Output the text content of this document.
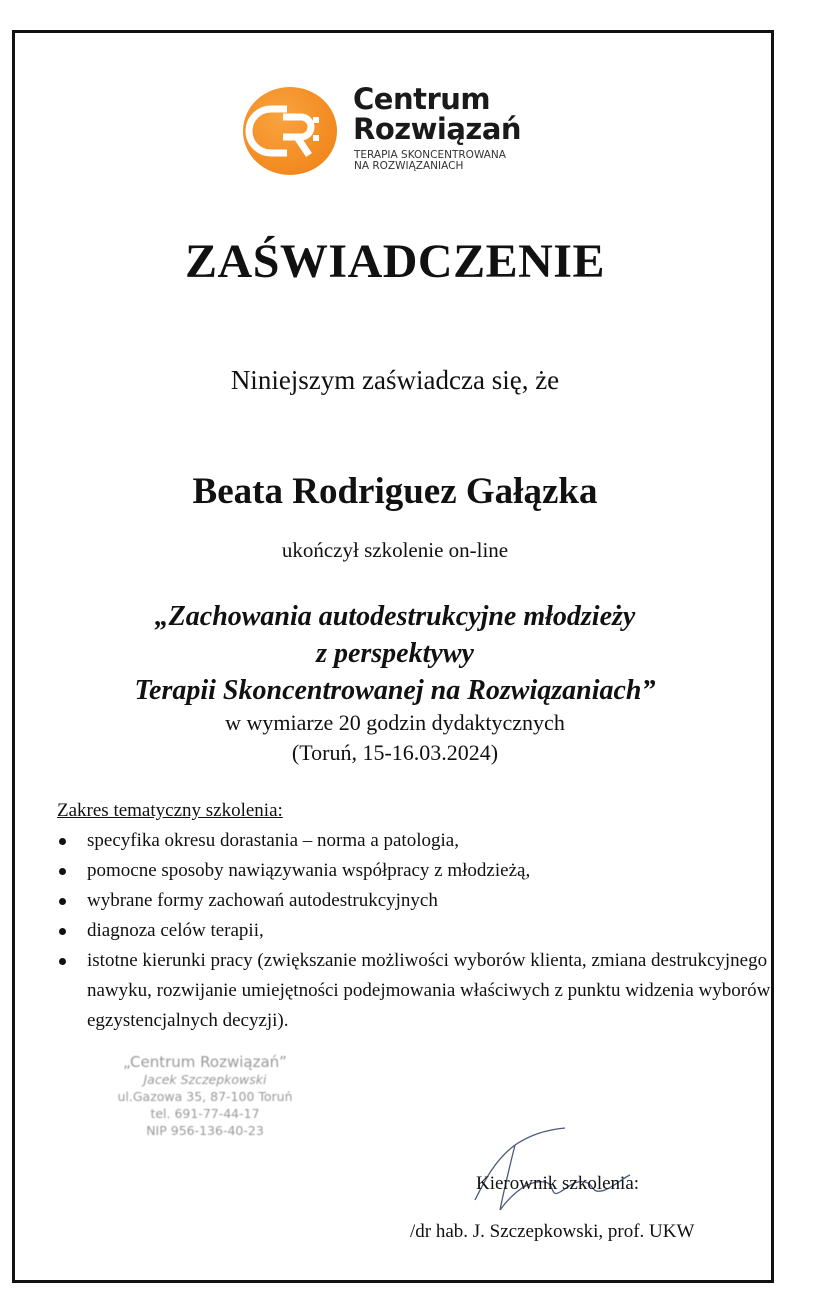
Centrum
Rozwiązań
TERAPIA SKONCENTROWANA
NA ROZWIĄZANIACH
ZAŚWIADCZENIE
Niniejszym zaświadcza się, że
Beata Rodriguez Gałązka
ukończył szkolenie on-line
„Zachowania autodestrukcyjne młodzieży
z perspektywy
Terapii Skoncentrowanej na Rozwiązaniach”
w wymiarze 20 godzin dydaktycznych
(Toruń, 15-16.03.2024)
Zakres tematyczny szkolenia:
specyfika okresu dorastania – norma a patologia,
pomocne sposoby nawiązywania współpracy z młodzieżą,
wybrane formy zachowań autodestrukcyjnych
diagnoza celów terapii,
istotne kierunki pracy (zwiększanie możliwości wyborów klienta, zmiana destrukcyjnego nawyku, rozwijanie umiejętności podejmowania właściwych z punktu widzenia wyborów egzystencjalnych decyzji).
„Centrum Rozwiązań”
Jacek Szczepkowski
ul.Gazowa 35, 87-100 Toruń
tel. 691-77-44-17
NIP 956-136-40-23
Kierownik szkolenia:
/dr hab. J. Szczepkowski, prof. UKW
